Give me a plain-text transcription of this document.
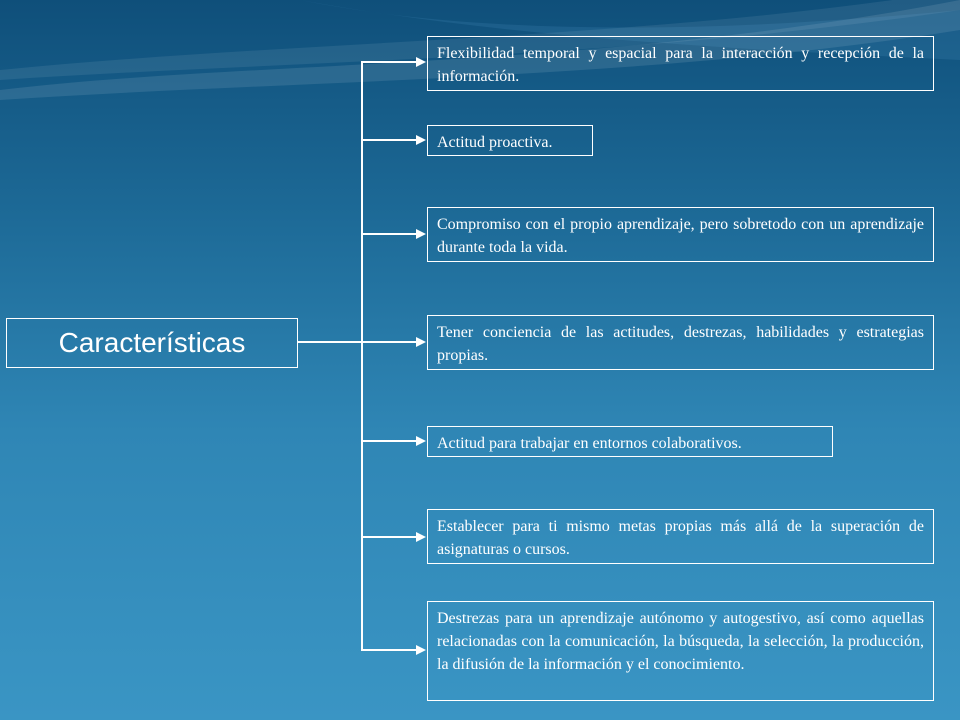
Características
Flexibilidad temporal y espacial para la interacción y recepción de la información.
Actitud proactiva.
Compromiso con el propio aprendizaje, pero sobretodo con un aprendizaje durante toda la vida.
Tener conciencia de las actitudes, destrezas, habilidades y estrategias propias.
Actitud para trabajar en entornos colaborativos.
Establecer para ti mismo metas propias más allá de la superación de asignaturas o cursos.
Destrezas para un aprendizaje autónomo y autogestivo, así como aquellas relacionadas con la comunicación, la búsqueda, la selección, la producción, la difusión de la información y el conocimiento.
